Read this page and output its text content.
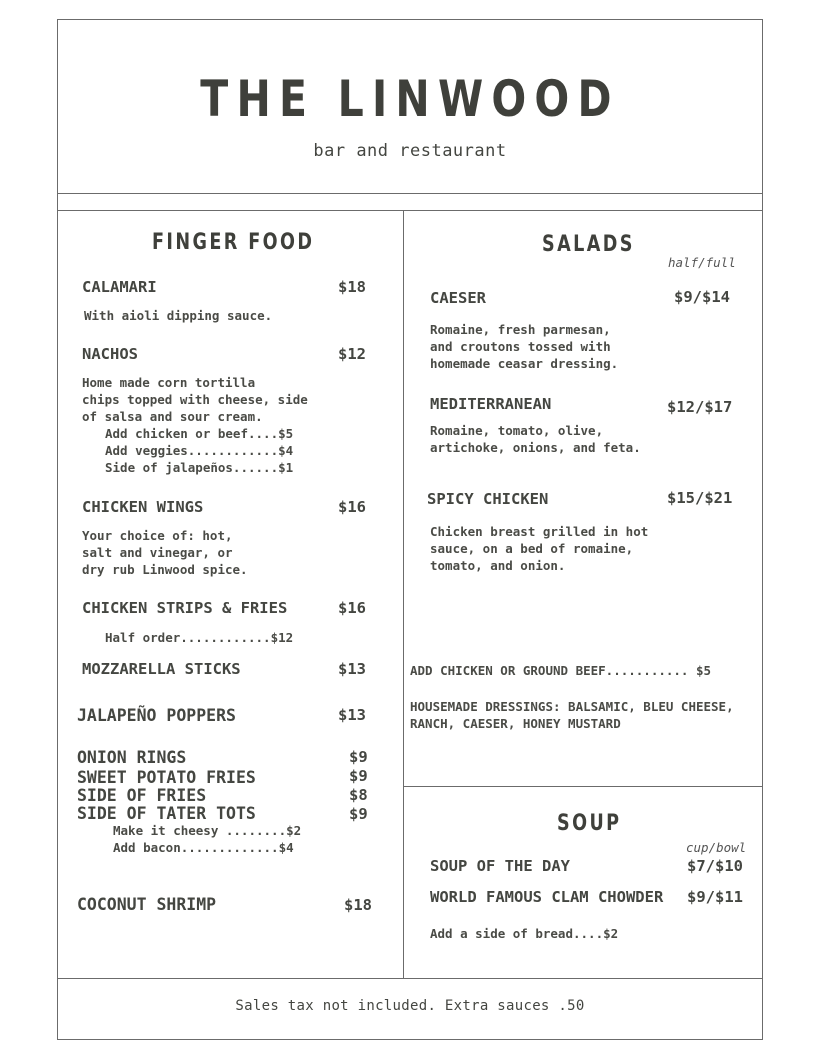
THE LINWOOD
bar and restaurant
FINGER FOOD
CALAMARI	$18
With aioli dipping sauce.
NACHOS	$12
Home made corn tortilla
chips topped with cheese, side
of salsa and sour cream.
Add chicken or beef....$5
Add veggies............$4
Side of jalapeños......$1
CHICKEN WINGS	$16
Your choice of: hot,
salt and vinegar, or
dry rub Linwood spice.
CHICKEN STRIPS & FRIES	$16
Half order............$12
MOZZARELLA STICKS	$13
JALAPEÑO POPPERS	$13
ONION RINGS	$9
SWEET POTATO FRIES	$9
SIDE OF FRIES	$8
SIDE OF TATER TOTS	$9
Make it cheesy ........$2
Add bacon.............$4
COCONUT SHRIMP	$18
SALADS
half/full
CAESER	$9/$14
Romaine, fresh parmesan,
and croutons tossed with
homemade ceasar dressing.
MEDITERRANEAN	$12/$17
Romaine, tomato, olive,
artichoke, onions, and feta.
SPICY CHICKEN	$15/$21
Chicken breast grilled in hot
sauce, on a bed of romaine,
tomato, and onion.
ADD CHICKEN OR GROUND BEEF........... $5
HOUSEMADE DRESSINGS: BALSAMIC, BLEU CHEESE,
RANCH, CAESER, HONEY MUSTARD
SOUP
cup/bowl
SOUP OF THE DAY	$7/$10
WORLD FAMOUS CLAM CHOWDER $9/$11
Add a side of bread....$2
Sales tax not included. Extra sauces .50
